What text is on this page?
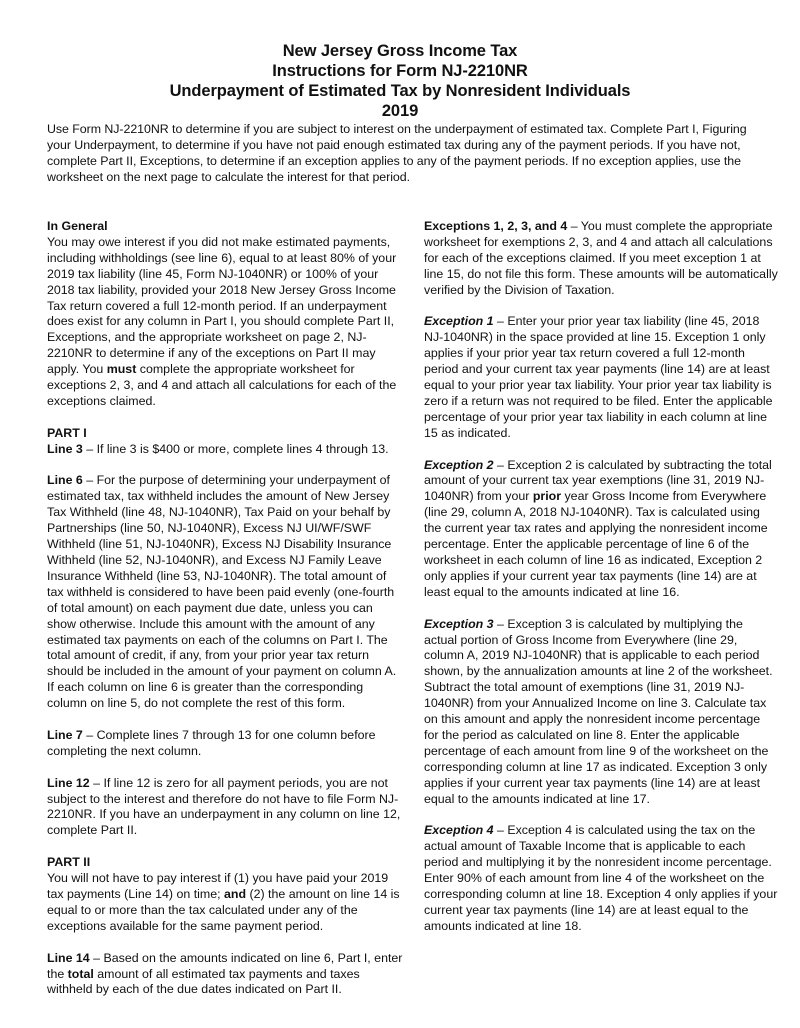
New Jersey Gross Income Tax

Instructions for Form NJ-2210NR

Underpayment of Estimated Tax by Nonresident Individuals

2019

Use Form NJ-2210NR to determine if you are subject to interest on the underpayment of estimated tax. Complete Part I, Figuring your Underpayment, to determine if you have not paid enough estimated tax during any of the payment periods. If you have not, complete Part II, Exceptions, to determine if an exception applies to any of the payment periods. If no exception applies, use the worksheet on the next page to calculate the interest for that period.

In General

You may owe interest if you did not make estimated payments, including withholdings (see line 6), equal to at least 80% of your 2019 tax liability (line 45, Form NJ-1040NR) or 100% of your 2018 tax liability, provided your 2018 New Jersey Gross Income Tax return covered a full 12-month period. If an underpayment does exist for any column in Part I, you should complete Part II, Exceptions, and the appropriate worksheet on page 2, NJ-2210NR to determine if any of the exceptions on Part II may apply. You must complete the appropriate worksheet for exceptions 2, 3, and 4 and attach all calculations for each of the exceptions claimed.

PART I

Line 3 – If line 3 is $400 or more, complete lines 4 through 13.

Line 6 – For the purpose of determining your underpayment of estimated tax, tax withheld includes the amount of New Jersey Tax Withheld (line 48, NJ-1040NR), Tax Paid on your behalf by Partnerships (line 50, NJ-1040NR), Excess NJ UI/WF/SWF Withheld (line 51, NJ-1040NR), Excess NJ Disability Insurance Withheld (line 52, NJ-1040NR), and Excess NJ Family Leave Insurance Withheld (line 53, NJ-1040NR). The total amount of tax withheld is considered to have been paid evenly (one-fourth of total amount) on each payment due date, unless you can show otherwise. Include this amount with the amount of any estimated tax payments on each of the columns on Part I. The total amount of credit, if any, from your prior year tax return should be included in the amount of your payment on column A. If each column on line 6 is greater than the corresponding column on line 5, do not complete the rest of this form.

Line 7 – Complete lines 7 through 13 for one column before completing the next column.

Line 12 – If line 12 is zero for all payment periods, you are not subject to the interest and therefore do not have to file Form NJ-2210NR. If you have an underpayment in any column on line 12, complete Part II.

PART II

You will not have to pay interest if (1) you have paid your 2019 tax payments (Line 14) on time; and (2) the amount on line 14 is equal to or more than the tax calculated under any of the exceptions available for the same payment period.

Line 14 – Based on the amounts indicated on line 6, Part I, enter the total amount of all estimated tax payments and taxes withheld by each of the due dates indicated on Part II.

Exceptions 1, 2, 3, and 4 – You must complete the appropriate worksheet for exemptions 2, 3, and 4 and attach all calculations for each of the exceptions claimed. If you meet exception 1 at line 15, do not file this form. These amounts will be automatically verified by the Division of Taxation.

Exception 1 – Enter your prior year tax liability (line 45, 2018 NJ-1040NR) in the space provided at line 15. Exception 1 only applies if your prior year tax return covered a full 12-month period and your current tax year payments (line 14) are at least equal to your prior year tax liability. Your prior year tax liability is zero if a return was not required to be filed. Enter the applicable percentage of your prior year tax liability in each column at line 15 as indicated.

Exception 2 – Exception 2 is calculated by subtracting the total amount of your current tax year exemptions (line 31, 2019 NJ-1040NR) from your prior year Gross Income from Everywhere (line 29, column A, 2018 NJ-1040NR). Tax is calculated using the current year tax rates and applying the nonresident income percentage. Enter the applicable percentage of line 6 of the worksheet in each column of line 16 as indicated, Exception 2 only applies if your current year tax payments (line 14) are at least equal to the amounts indicated at line 16.

Exception 3 – Exception 3 is calculated by multiplying the actual portion of Gross Income from Everywhere (line 29, column A, 2019 NJ-1040NR) that is applicable to each period shown, by the annualization amounts at line 2 of the worksheet. Subtract the total amount of exemptions (line 31, 2019 NJ-1040NR) from your Annualized Income on line 3. Calculate tax on this amount and apply the nonresident income percentage for the period as calculated on line 8. Enter the applicable percentage of each amount from line 9 of the worksheet on the corresponding column at line 17 as indicated. Exception 3 only applies if your current year tax payments (line 14) are at least equal to the amounts indicated at line 17.

Exception 4 – Exception 4 is calculated using the tax on the actual amount of Taxable Income that is applicable to each period and multiplying it by the nonresident income percentage. Enter 90% of each amount from line 4 of the worksheet on the corresponding column at line 18. Exception 4 only applies if your current year tax payments (line 14) are at least equal to the amounts indicated at line 18.
